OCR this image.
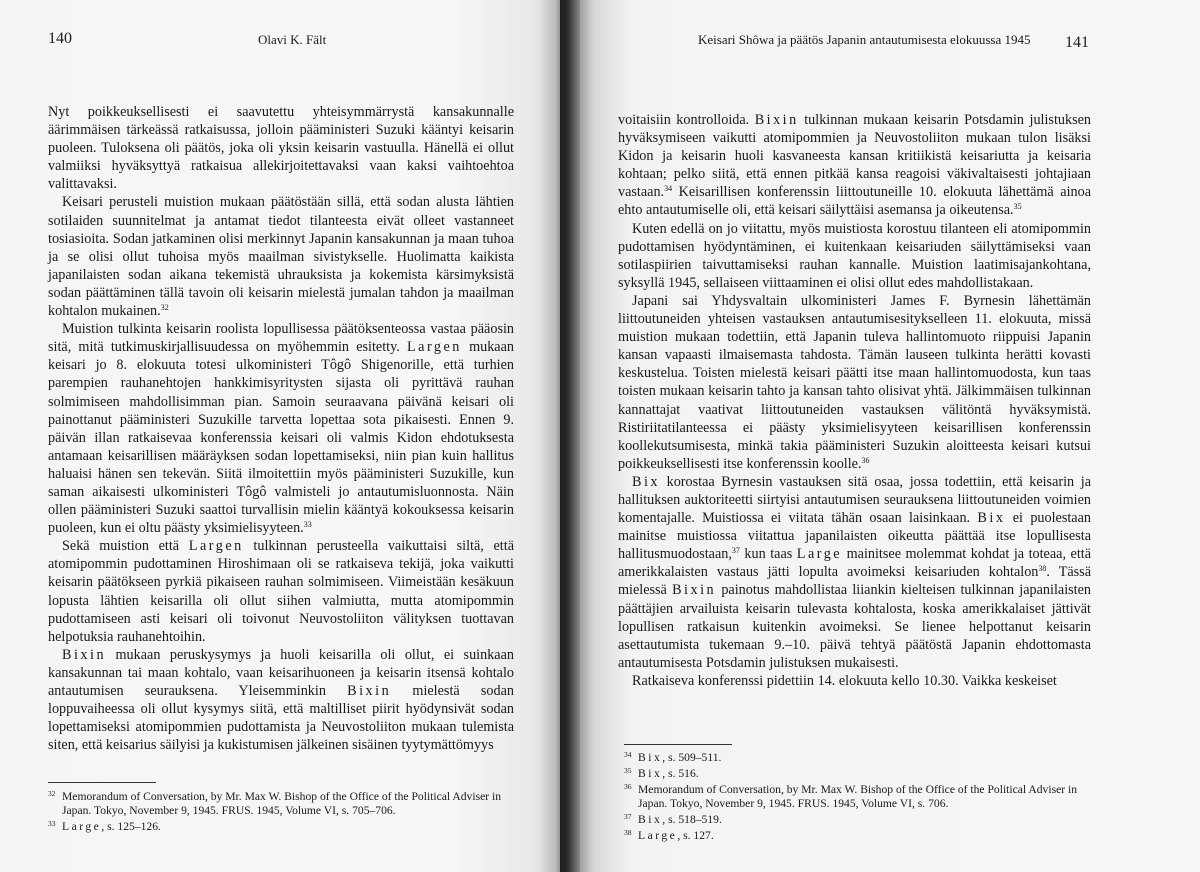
140	Olavi K. Fält

Nyt poikkeuksellisesti ei saavutettu yhteisymmärrystä kansakunnalle äärimmäisen tärkeässä ratkaisussa, jolloin pääministeri Suzuki kääntyi keisarin puoleen. Tuloksena oli päätös, joka oli yksin keisarin vastuulla. Hänellä ei ollut valmiiksi hyväksyttyä ratkaisua allekirjoitettavaksi vaan kaksi vaihtoehtoa valittavaksi.

Keisari perusteli muistion mukaan päätöstään sillä, että sodan alusta lähtien sotilaiden suunnitelmat ja antamat tiedot tilanteesta eivät olleet vastanneet tosiasioita. Sodan jatkaminen olisi merkinnyt Japanin kansakunnan ja maan tuhoa ja se olisi ollut tuhoisa myös maailman sivistykselle. Huolimatta kaikista japanilaisten sodan aikana tekemistä uhrauksista ja kokemista kärsimyksistä sodan päättäminen tällä tavoin oli keisarin mielestä jumalan tahdon ja maailman kohtalon mukainen.$^{32}$

Muistion tulkinta keisarin roolista lopullisessa päätöksenteossa vastaa pääosin sitä, mitä tutkimuskirjallisuudessa on myöhemmin esitetty. Largen mukaan keisari jo 8. elokuuta totesi ulkoministeri Tôgô Shigenorille, että turhien parempien rauhanehtojen hankkimisyritysten sijasta oli pyrittävä rauhan solmimiseen mahdollisimman pian. Samoin seuraavana päivänä keisari oli painottanut pääministeri Suzukille tarvetta lopettaa sota pikaisesti. Ennen 9. päivän illan ratkaisevaa konferenssia keisari oli valmis Kidon ehdotuksesta antamaan keisarillisen määräyksen sodan lopettamiseksi, niin pian kuin hallitus haluaisi hänen sen tekevän. Siitä ilmoitettiin myös pääministeri Suzukille, kun saman aikaisesti ulkoministeri Tôgô valmisteli jo antautumisluonnosta. Näin ollen pääministeri Suzuki saattoi turvallisin mielin kääntyä kokouksessa keisarin puoleen, kun ei oltu päästy yksimielisyyteen.$^{33}$

Sekä muistion että Largen tulkinnan perusteella vaikuttaisi siltä, että atomipommin pudottaminen Hiroshimaan oli se ratkaiseva tekijä, joka vaikutti keisarin päätökseen pyrkiä pikaiseen rauhan solmimiseen. Viimeistään kesäkuun lopusta lähtien keisarilla oli ollut siihen valmiutta, mutta atomipommin pudottamiseen asti keisari oli toivonut Neuvostoliiton välityksen tuottavan helpotuksia rauhanehtoihin.

Bixin mukaan peruskysymys ja huoli keisarilla oli ollut, ei suinkaan kansakunnan tai maan kohtalo, vaan keisarihuoneen ja keisarin itsensä kohtalo antautumisen seurauksena. Yleisemminkin Bixin mielestä sodan loppuvaiheessa oli ollut kysymys siitä, että maltilliset piirit hyödynsivät sodan lopettamiseksi atomipommien pudottamista ja Neuvostoliiton mukaan tulemista siten, että keisarius säilyisi ja kukistumisen jälkeinen sisäinen tyytymättömyys

32 Memorandum of Conversation, by Mr. Max W. Bishop of the Office of the Political Adviser in Japan. Tokyo, November 9, 1945. FRUS. 1945, Volume VI, s. 705–706.
33 Large, s. 125–126.
Keisari Shôwa ja päätös Japanin antautumisesta elokuussa 1945 141

voitaisiin kontrolloida. Bixin tulkinnan mukaan keisarin Potsdamin julistuksen hyväksymiseen vaikutti atomipommien ja Neuvostoliiton mukaan tulon lisäksi Kidon ja keisarin huoli kasvaneesta kansan kritiikistä keisariutta ja keisaria kohtaan; pelko siitä, että ennen pitkää kansa reagoisi väkivaltaisesti johtajiaan vastaan.$^{34}$ Keisarillisen konferenssin liittoutuneille 10. elokuuta lähettämä ainoa ehto antautumiselle oli, että keisari säilyttäisi asemansa ja oikeutensa.$^{35}$

Kuten edellä on jo viitattu, myös muistiosta korostuu tilanteen eli atomipommin pudottamisen hyödyntäminen, ei kuitenkaan keisariuden säilyttämiseksi vaan sotilaspiirien taivuttamiseksi rauhan kannalle. Muistion laatimisajankohtana, syksyllä 1945, sellaiseen viittaaminen ei olisi ollut edes mahdollistakaan.

Japani sai Yhdysvaltain ulkoministeri James F. Byrnesin lähettämän liittoutuneiden yhteisen vastauksen antautumisesitykselleen 11. elokuuta, missä muistion mukaan todettiin, että Japanin tuleva hallintomuoto riippuisi Japanin kansan vapaasti ilmaisemasta tahdosta. Tämän lauseen tulkinta herätti kovasti keskustelua. Toisten mielestä keisari päätti itse maan hallintomuodosta, kun taas toisten mukaan keisarin tahto ja kansan tahto olisivat yhtä. Jälkimmäisen tulkinnan kannattajat vaativat liittoutuneiden vastauksen välitöntä hyväksymistä. Ristiriitatilanteessa ei päästy yksimielisyyteen keisarillisen konferenssin koollekutsumisesta, minkä takia pääministeri Suzukin aloitteesta keisari kutsui poikkeuksellisesti itse konferenssin koolle.$^{36}$

Bix korostaa Byrnesin vastauksen sitä osaa, jossa todettiin, että keisarin ja hallituksen auktoriteetti siirtyisi antautumisen seurauksena liittoutuneiden voimien komentajalle. Muistiossa ei viitata tähän osaan laisinkaan. Bix ei puolestaan mainitse muistiossa viitattua japanilaisten oikeutta päättää itse lopullisesta hallitusmuodostaan,$^{37}$ kun taas Large mainitsee molemmat kohdat ja toteaa, että amerikkalaisten vastaus jätti lopulta avoimeksi keisariuden kohtalon$^{38}$. Tässä mielessä Bixin painotus mahdollistaa liiankin kielteisen tulkinnan japanilaisten päättäjien arvailuista keisarin tulevasta kohtalosta, koska amerikkalaiset jättivät lopullisen ratkaisun kuitenkin avoimeksi. Se lienee helpottanut keisarin asettautumista tukemaan 9.–10. päivä tehtyä päätöstä Japanin ehdottomasta antautumisesta Potsdamin julistuksen mukaisesti.

Ratkaiseva konferenssi pidettiin 14. elokuuta kello 10.30. Vaikka keskeiset

34 Bix, s. 509–511.
35 Bix, s. 516.
36 Memorandum of Conversation, by Mr. Max W. Bishop of the Office of the Political Adviser in Japan. Tokyo, November 9, 1945. FRUS. 1945, Volume VI, s. 706.
37 Bix, s. 518–519.
38 Large, s. 127.
